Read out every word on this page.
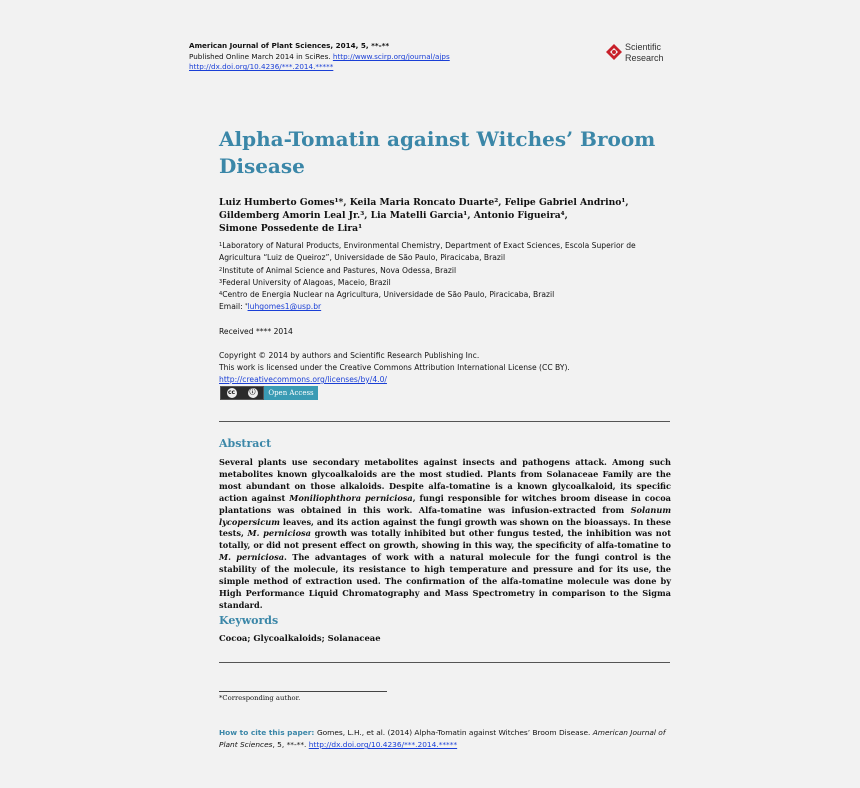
American Journal of Plant Sciences, 2014, 5, **-**
Published Online March 2014 in SciRes. http://www.scirp.org/journal/ajps
http://dx.doi.org/10.4236/***.2014.*****
Scientific
Research
Alpha-Tomatin against Witches’ Broom Disease
Luiz Humberto Gomes¹*, Keila Maria Roncato Duarte², Felipe Gabriel Andrino¹,
Gildemberg Amorin Leal Jr.³, Lia Matelli Garcia¹, Antonio Figueira⁴,
Simone Possedente de Lira¹
$^1$Laboratory of Natural Products, Environmental Chemistry, Department of Exact Sciences, Escola Superior de Agricultura “Luiz de Queiroz”, Universidade de São Paulo, Piracicaba, Brazil
$^2$Institute of Animal Science and Pastures, Nova Odessa, Brazil
$^3$Federal University of Alagoas, Maceio, Brazil
$^4$Centro de Energia Nuclear na Agricultura, Universidade de São Paulo, Piracicaba, Brazil
Email: *luhgomes1@usp.br
Received **** 2014
Copyright © 2014 by authors and Scientific Research Publishing Inc.
This work is licensed under the Creative Commons Attribution International License (CC BY).
http://creativecommons.org/licenses/by/4.0/
cc	ⓘ	Open Access
Abstract
Several plants use secondary metabolites against insects and pathogens attack. Among such metabolites known glycoalkaloids are the most studied. Plants from Solanaceae Family are the most abundant on those alkaloids. Despite alfa-tomatine is a known glycoalkaloid, its specific action against Moniliophthora perniciosa, fungi responsible for witches broom disease in cocoa plantations was obtained in this work. Alfa-tomatine was infusion-extracted from Solanum lycopersicum leaves, and its action against the fungi growth was shown on the bioassays. In these tests, M. perniciosa growth was totally inhibited but other fungus tested, the inhibition was not totally, or did not present effect on growth, showing in this way, the specificity of alfa-tomatine to M. perniciosa. The advantages of work with a natural molecule for the fungi control is the stability of the molecule, its resistance to high temperature and pressure and for its use, the simple method of extraction used. The confirmation of the alfa-tomatine molecule was done by High Performance Liquid Chromatography and Mass Spectrometry in comparison to the Sigma standard.
Keywords
Cocoa; Glycoalkaloids; Solanaceae
*Corresponding author.
How to cite this paper: Gomes, L.H., et al. (2014) Alpha-Tomatin against Witches’ Broom Disease. American Journal of Plant Sciences, 5, **-**. http://dx.doi.org/10.4236/***.2014.*****
